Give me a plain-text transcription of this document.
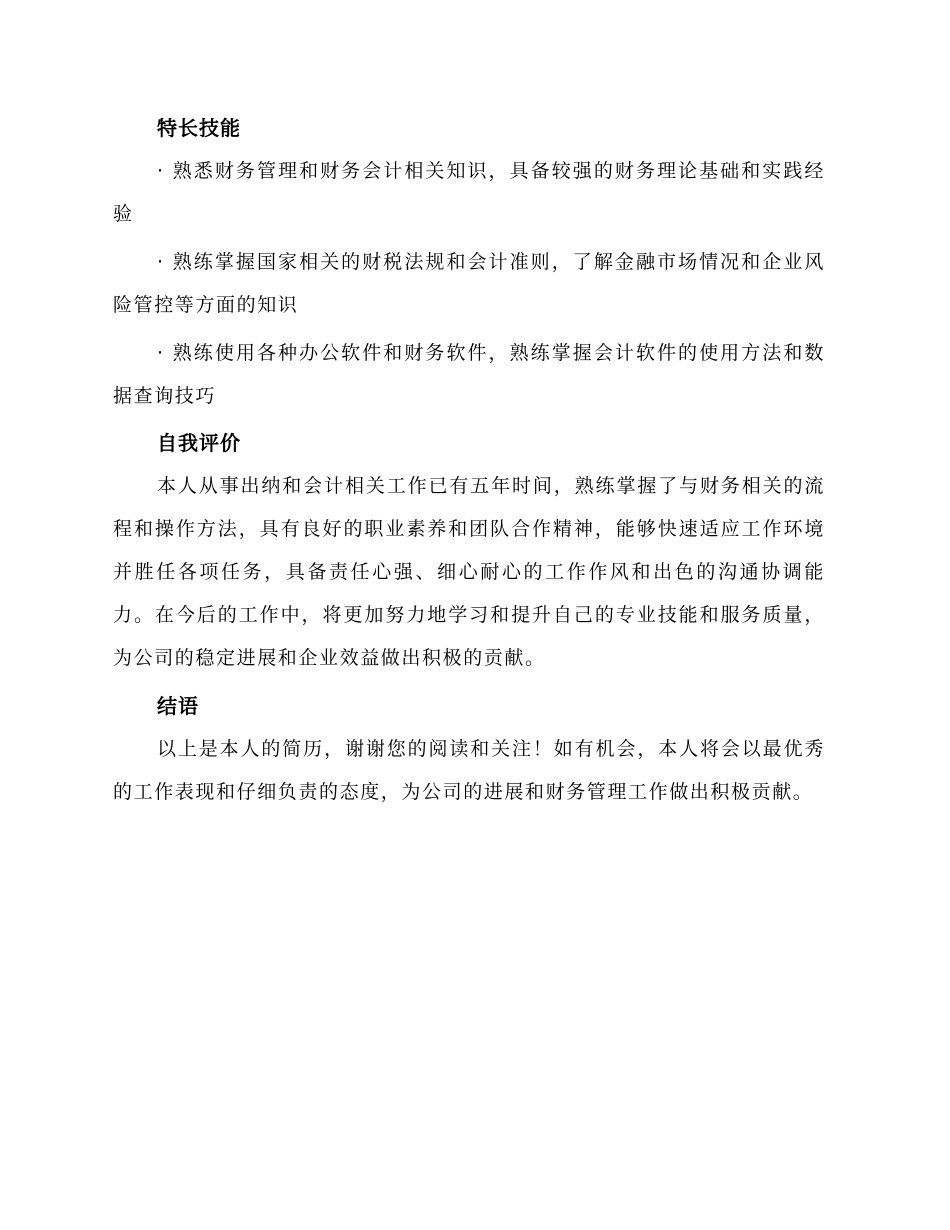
特长技能

· 熟悉财务管理和财务会计相关知识，具备较强的财务理论基础和实践经验

· 熟练掌握国家相关的财税法规和会计准则，了解金融市场情况和企业风险管控等方面的知识

· 熟练使用各种办公软件和财务软件，熟练掌握会计软件的使用方法和数据查询技巧

自我评价

本人从事出纳和会计相关工作已有五年时间，熟练掌握了与财务相关的流程和操作方法，具有良好的职业素养和团队合作精神，能够快速适应工作环境并胜任各项任务，具备责任心强、细心耐心的工作作风和出色的沟通协调能力。在今后的工作中，将更加努力地学习和提升自己的专业技能和服务质量，为公司的稳定进展和企业效益做出积极的贡献。

结语

以上是本人的简历，谢谢您的阅读和关注！如有机会，本人将会以最优秀的工作表现和仔细负责的态度，为公司的进展和财务管理工作做出积极贡献。
